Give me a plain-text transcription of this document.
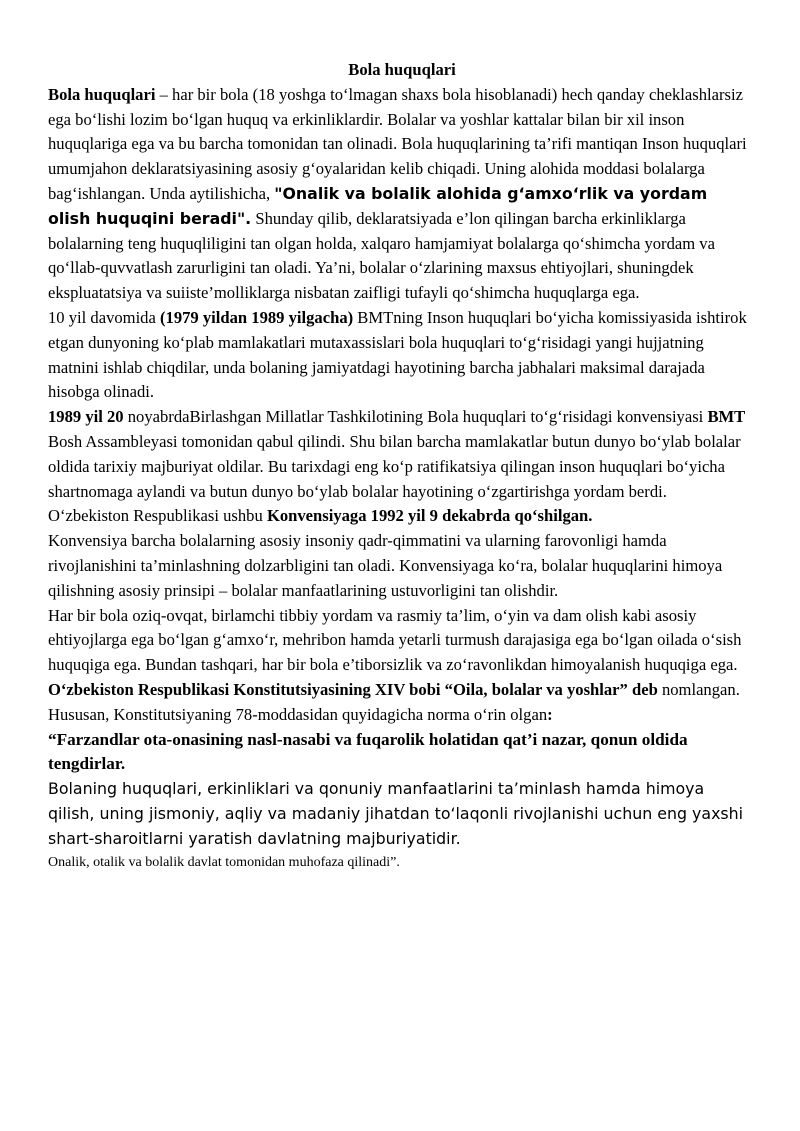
Bola huquqlari

Bola huquqlari – har bir bola (18 yoshga to‘lmagan shaxs bola hisoblanadi) hech qanday cheklashlarsiz ega bo‘lishi lozim bo‘lgan huquq va erkinliklardir. Bolalar va yoshlar kattalar bilan bir xil inson huquqlariga ega va bu barcha tomonidan tan olinadi. Bola huquqlarining ta’rifi mantiqan Inson huquqlari umumjahon deklaratsiyasining asosiy g‘oyalaridan kelib chiqadi. Uning alohida moddasi bolalarga bag‘ishlangan. Unda aytilishicha, "Onalik va bolalik alohida g‘amxo‘rlik va yordam olish huquqini beradi". Shunday qilib, deklaratsiyada e’lon qilingan barcha erkinliklarga bolalarning teng huquqliligini tan olgan holda, xalqaro hamjamiyat bolalarga qo‘shimcha yordam va qo‘llab-quvvatlash zarurligini tan oladi. Ya’ni, bolalar o‘zlarining maxsus ehtiyojlari, shuningdek ekspluatatsiya va suiiste’molliklarga nisbatan zaifligi tufayli qo‘shimcha huquqlarga ega.

10 yil davomida (1979 yildan 1989 yilgacha) BMTning Inson huquqlari bo‘yicha komissiyasida ishtirok etgan dunyoning ko‘plab mamlakatlari mutaxassislari bola huquqlari to‘g‘risidagi yangi hujjatning matnini ishlab chiqdilar, unda bolaning jamiyatdagi hayotining barcha jabhalari maksimal darajada hisobga olinadi.

1989 yil 20 noyabrdaBirlashgan Millatlar Tashkilotining Bola huquqlari to‘g‘risidagi konvensiyasi BMT Bosh Assambleyasi tomonidan qabul qilindi. Shu bilan barcha mamlakatlar butun dunyo bo‘ylab bolalar oldida tarixiy majburiyat oldilar. Bu tarixdagi eng ko‘p ratifikatsiya qilingan inson huquqlari bo‘yicha shartnomaga aylandi va butun dunyo bo‘ylab bolalar hayotining o‘zgartirishga yordam berdi. O‘zbekiston Respublikasi ushbu Konvensiyaga 1992 yil 9 dekabrda qo‘shilgan.

Konvensiya barcha bolalarning asosiy insoniy qadr-qimmatini va ularning farovonligi hamda rivojlanishini ta’minlashning dolzarbligini tan oladi. Konvensiyaga ko‘ra, bolalar huquqlarini himoya qilishning asosiy prinsipi – bolalar manfaatlarining ustuvorligini tan olishdir.

Har bir bola oziq-ovqat, birlamchi tibbiy yordam va rasmiy ta’lim, o‘yin va dam olish kabi asosiy ehtiyojlarga ega bo‘lgan g‘amxo‘r, mehribon hamda yetarli turmush darajasiga ega bo‘lgan oilada o‘sish huquqiga ega. Bundan tashqari, har bir bola e’tiborsizlik va zo‘ravonlikdan himoyalanish huquqiga ega.

O‘zbekiston Respublikasi Konstitutsiyasining XIV bobi “Oila, bolalar va yoshlar” deb nomlangan. Hususan, Konstitutsiyaning 78-moddasidan quyidagicha norma o‘rin olgan:

“Farzandlar ota-onasining nasl-nasabi va fuqarolik holatidan qat’i nazar, qonun oldida tengdirlar.

Bolaning huquqlari, erkinliklari va qonuniy manfaatlarini ta’minlash hamda himoya qilish, uning jismoniy, aqliy va madaniy jihatdan to‘laqonli rivojlanishi uchun eng yaxshi shart-sharoitlarni yaratish davlatning majburiyatidir.

Onalik, otalik va bolalik davlat tomonidan muhofaza qilinadi”.
